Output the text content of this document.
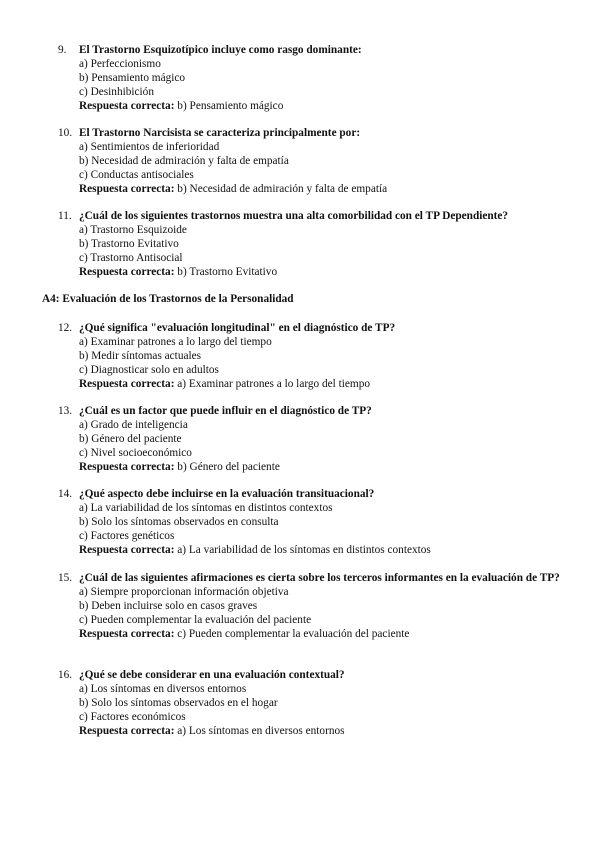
9.	El Trastorno Esquizotípico incluye como rasgo dominante:
a) Perfeccionismo
b) Pensamiento mágico
c) Desinhibición
Respuesta correcta: b) Pensamiento mágico
10. El Trastorno Narcisista se caracteriza principalmente por:
a) Sentimientos de inferioridad
b) Necesidad de admiración y falta de empatía
c) Conductas antisociales
Respuesta correcta: b) Necesidad de admiración y falta de empatía
11. ¿Cuál de los siguientes trastornos muestra una alta comorbilidad con el TP Dependiente?
a) Trastorno Esquizoide
b) Trastorno Evitativo
c) Trastorno Antisocial
Respuesta correcta: b) Trastorno Evitativo
A4: Evaluación de los Trastornos de la Personalidad
12. ¿Qué significa "evaluación longitudinal" en el diagnóstico de TP?
a) Examinar patrones a lo largo del tiempo
b) Medir síntomas actuales
c) Diagnosticar solo en adultos
Respuesta correcta: a) Examinar patrones a lo largo del tiempo
13. ¿Cuál es un factor que puede influir en el diagnóstico de TP?
a) Grado de inteligencia
b) Género del paciente
c) Nivel socioeconómico
Respuesta correcta: b) Género del paciente
14. ¿Qué aspecto debe incluirse en la evaluación transituacional?
a) La variabilidad de los síntomas en distintos contextos
b) Solo los síntomas observados en consulta
c) Factores genéticos
Respuesta correcta: a) La variabilidad de los síntomas en distintos contextos
15. ¿Cuál de las siguientes afirmaciones es cierta sobre los terceros informantes en la evaluación de TP?
a) Siempre proporcionan información objetiva
b) Deben incluirse solo en casos graves
c) Pueden complementar la evaluación del paciente
Respuesta correcta: c) Pueden complementar la evaluación del paciente
16. ¿Qué se debe considerar en una evaluación contextual?
a) Los síntomas en diversos entornos
b) Solo los síntomas observados en el hogar
c) Factores económicos
Respuesta correcta: a) Los síntomas en diversos entornos
